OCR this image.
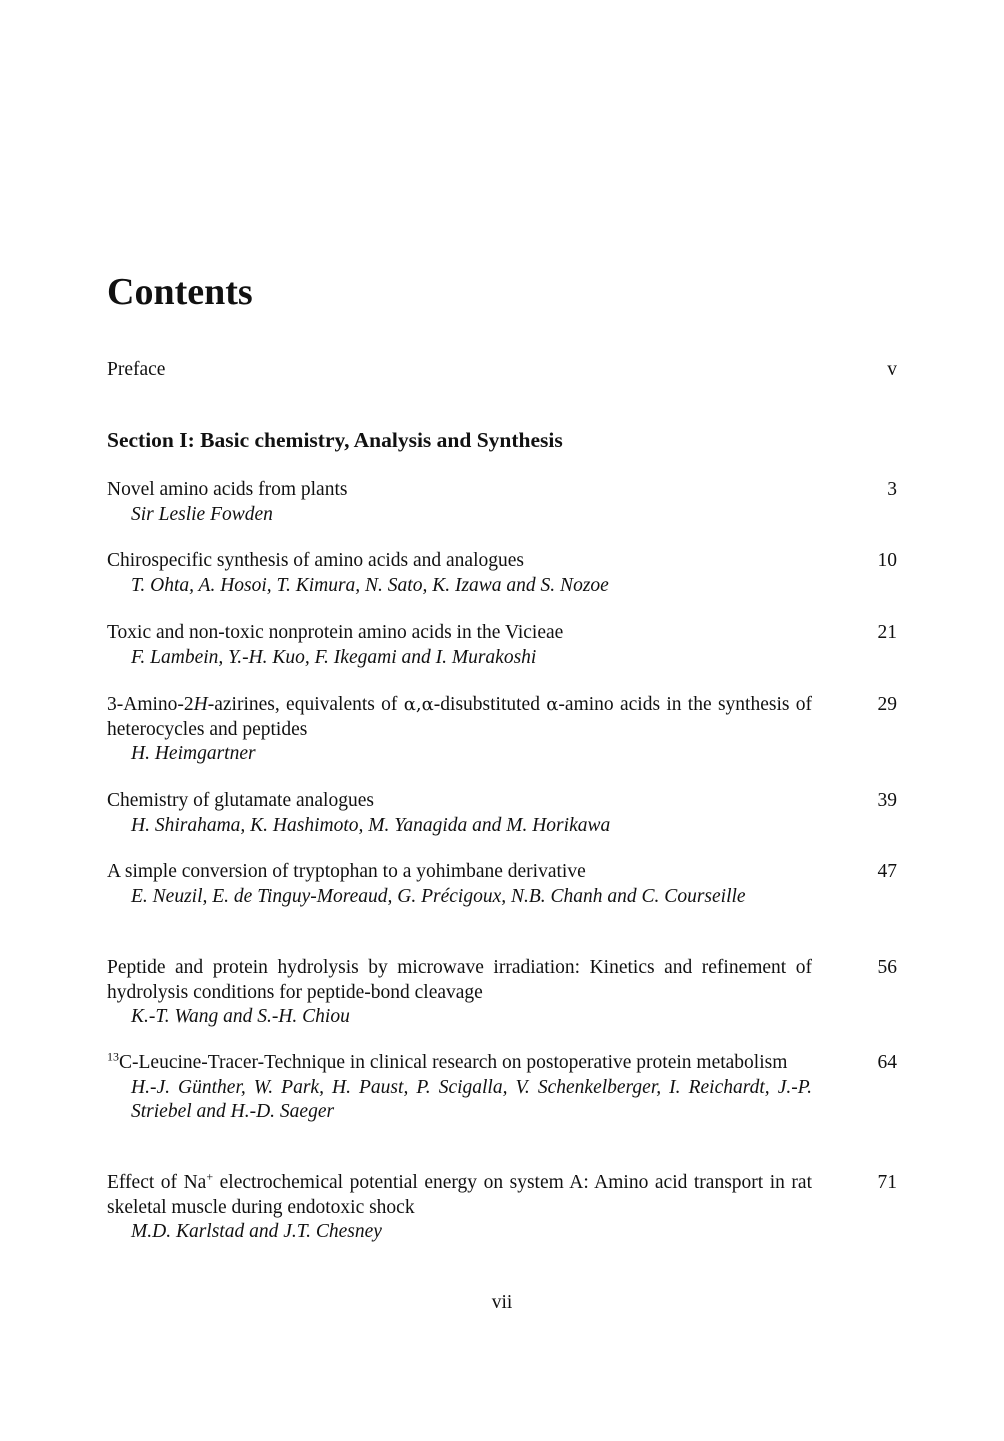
Contents
Preface	v
Section I: Basic chemistry, Analysis and Synthesis
Novel amino acids from plants
Sir Leslie Fowden
3
Chirospecific synthesis of amino acids and analogues
T. Ohta, A. Hosoi, T. Kimura, N. Sato, K. Izawa and S. Nozoe
10
Toxic and non-toxic nonprotein amino acids in the Vicieae
F. Lambein, Y.-H. Kuo, F. Ikegami and I. Murakoshi
21
3-Amino-2H-azirines, equivalents of α,α-disubstituted α-amino acids in the synthesis of heterocycles and peptides
H. Heimgartner
29
Chemistry of glutamate analogues
H. Shirahama, K. Hashimoto, M. Yanagida and M. Horikawa
39
A simple conversion of tryptophan to a yohimbane derivative
E. Neuzil, E. de Tinguy-Moreaud, G. Précigoux, N.B. Chanh and C. Courseille
47
Peptide and protein hydrolysis by microwave irradiation: Kinetics and refinement of hydrolysis conditions for peptide-bond cleavage
K.-T. Wang and S.-H. Chiou
56
$^{13}$C-Leucine-Tracer-Technique in clinical research on postoperative protein metabolism
H.-J. Günther, W. Park, H. Paust, P. Scigalla, V. Schenkelberger, I. Reichardt, J.-P. Striebel and H.-D. Saeger
64
Effect of Na+ electrochemical potential energy on system A: Amino acid transport in rat skeletal muscle during endotoxic shock
M.D. Karlstad and J.T. Chesney
71
vii
